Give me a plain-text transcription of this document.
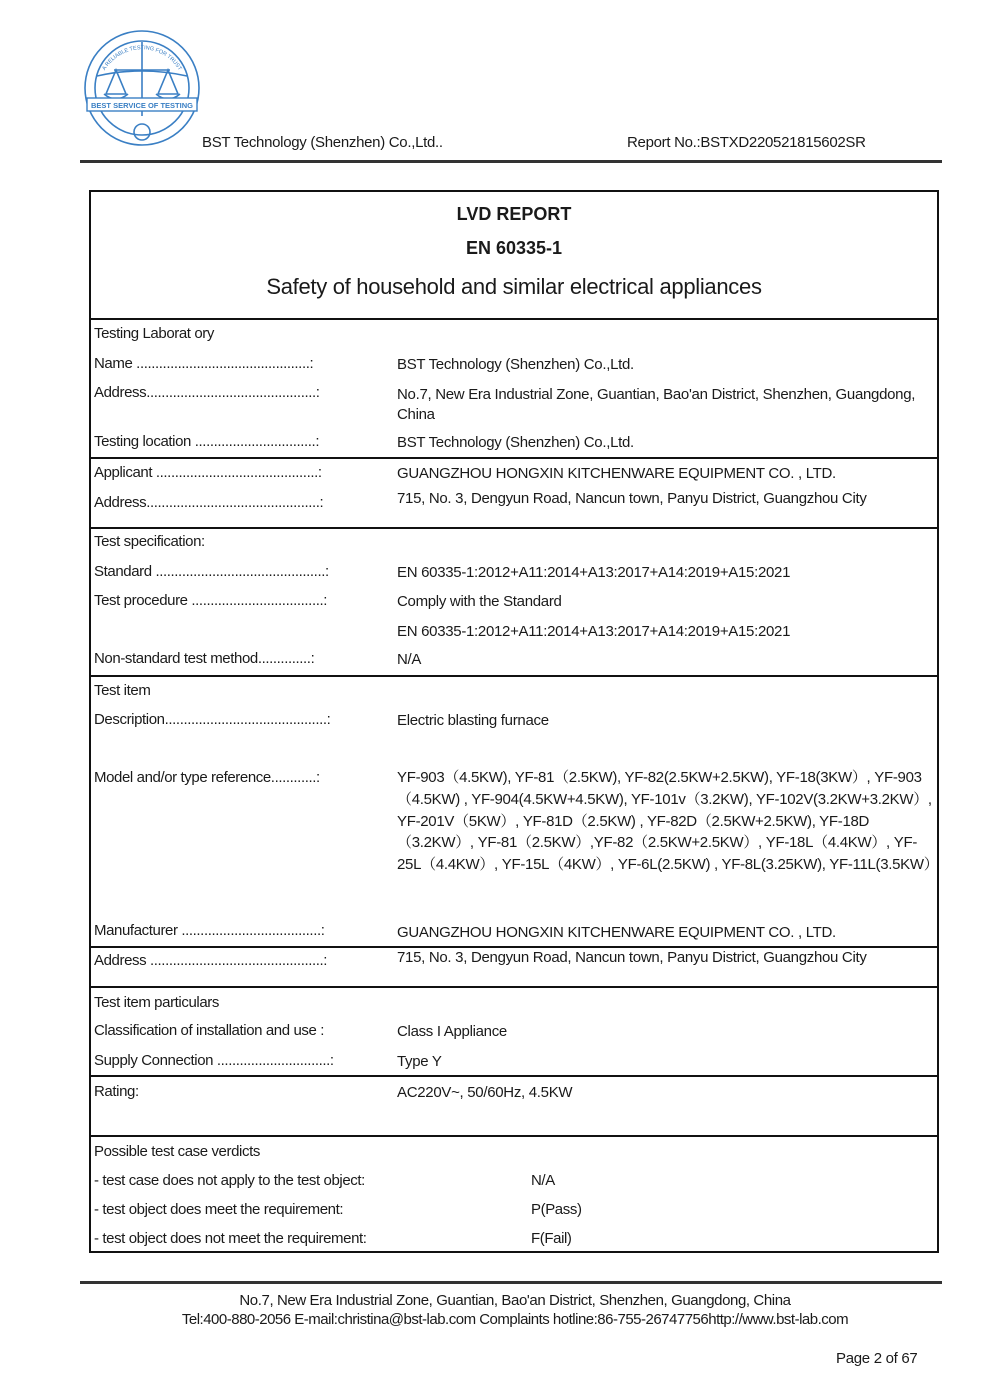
BEST SERVICE OF TESTING
A RELIABLE TESTING FOR TRUST
BST Technology (Shenzhen) Co.,Ltd..	Report No.:BSTXD220521815602SR
LVD REPORT
EN 60335-1
Safety of household and similar electrical appliances
Testing Laborat ory
Name ..............................................:	BST Technology (Shenzhen) Co.,Ltd.
Address.............................................:	No.7, New Era Industrial Zone, Guantian, Bao'an District, Shenzhen, Guangdong, China
Testing location ................................:	BST Technology (Shenzhen) Co.,Ltd.
Applicant ...........................................:	GUANGZHOU HONGXIN KITCHENWARE EQUIPMENT CO. , LTD.
Address..............................................:	715, No. 3, Dengyun Road, Nancun town, Panyu District, Guangzhou City
Test specification:
Standard .............................................:	EN 60335-1:2012+A11:2014+A13:2017+A14:2019+A15:2021
Test procedure ...................................:	Comply with the Standard
EN 60335-1:2012+A11:2014+A13:2017+A14:2019+A15:2021
Non-standard test method..............:	N/A
Test item
Description...........................................:	Electric blasting furnace
Model and/or type reference............:	YF-903（4.5KW), YF-81（2.5KW), YF-82(2.5KW+2.5KW), YF-18(3KW）, YF-903（4.5KW) , YF-904(4.5KW+4.5KW), YF-101v（3.2KW), YF-102V(3.2KW+3.2KW）, YF-201V（5KW）, YF-81D（2.5KW) , YF-82D（2.5KW+2.5KW), YF-18D（3.2KW）, YF-81（2.5KW）,YF-82（2.5KW+2.5KW）, YF-18L（4.4KW）, YF-25L（4.4KW）, YF-15L（4KW）, YF-6L(2.5KW) , YF-8L(3.25KW), YF-11L(3.5KW）
Manufacturer .....................................:	GUANGZHOU HONGXIN KITCHENWARE EQUIPMENT CO. , LTD.
Address ..............................................:	715, No. 3, Dengyun Road, Nancun town, Panyu District, Guangzhou City
Test item particulars
Classification of installation and use :	Class I Appliance
Supply Connection ..............................:	Type Y
Rating:	AC220V~, 50/60Hz, 4.5KW
Possible test case verdicts
- test case does not apply to the test object:	N/A
- test object does meet the requirement:	P(Pass)
- test object does not meet the requirement:	F(Fail)
No.7, New Era Industrial Zone, Guantian, Bao'an District, Shenzhen, Guangdong, China
Tel:400-880-2056 E-mail:christina@bst-lab.com Complaints hotline:86-755-26747756http://www.bst-lab.com
Page 2 of 67
